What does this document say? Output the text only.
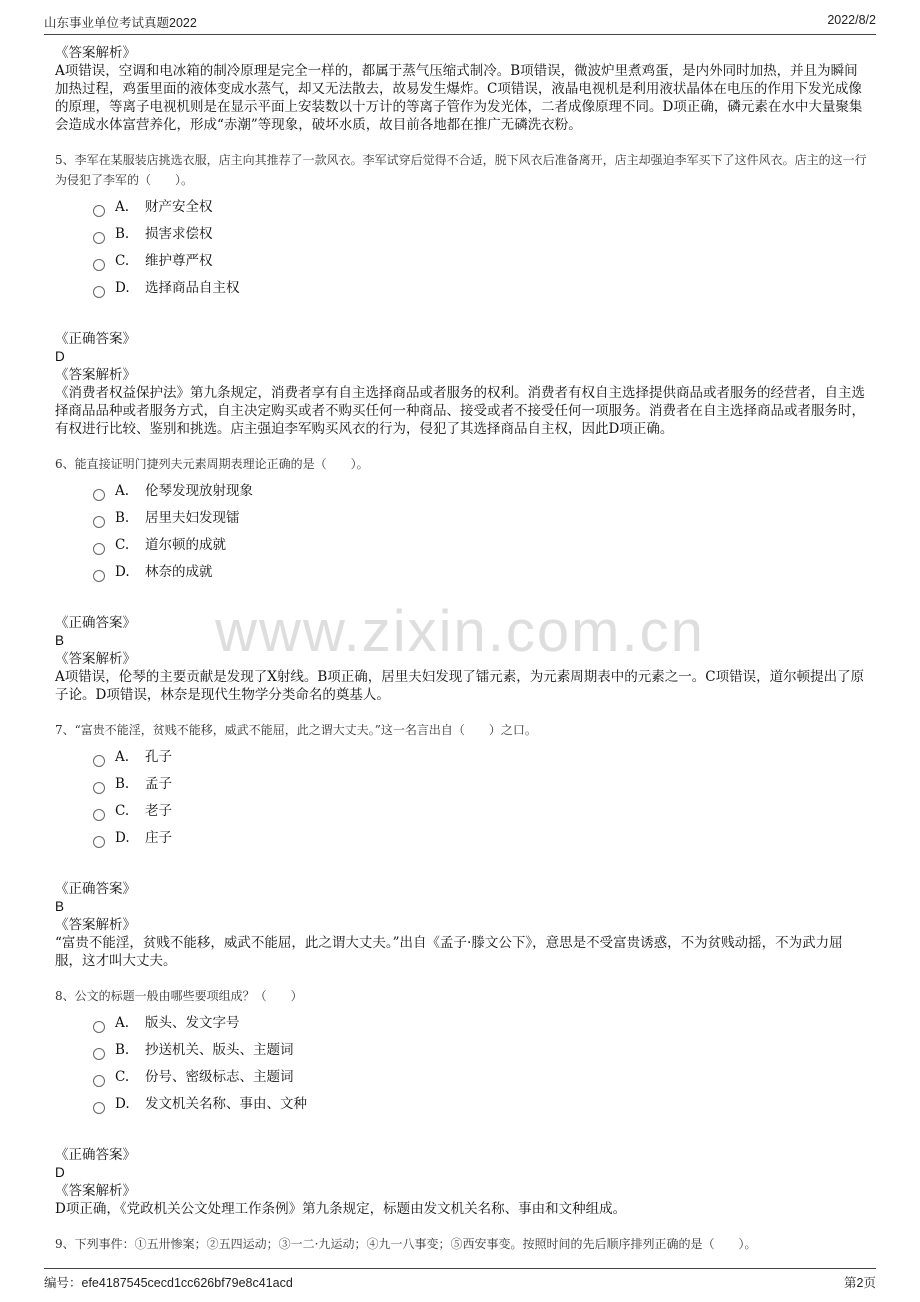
山东事业单位考试真题2022	2022/8/2
www.zixin.com.cn
《答案解析》
A项错误，空调和电冰箱的制冷原理是完全一样的，都属于蒸气压缩式制冷。B项错误，微波炉里煮鸡蛋，是内外同时加热，并且为瞬间加热过程，鸡蛋里面的液体变成水蒸气，却又无法散去，故易发生爆炸。C项错误，液晶电视机是利用液状晶体在电压的作用下发光成像的原理，等离子电视机则是在显示平面上安装数以十万计的等离子管作为发光体，二者成像原理不同。D项正确，磷元素在水中大量聚集会造成水体富营养化，形成“赤潮”等现象，破坏水质，故目前各地都在推广无磷洗衣粉。
5、李军在某服装店挑选衣服，店主向其推荐了一款风衣。李军试穿后觉得不合适，脱下风衣后准备离开，店主却强迫李军买下了这件风衣。店主的这一行为侵犯了李军的（　　）。
A.	财产安全权
B.	损害求偿权
C.	维护尊严权
D.	选择商品自主权
《正确答案》
D
《答案解析》
《消费者权益保护法》第九条规定，消费者享有自主选择商品或者服务的权利。消费者有权自主选择提供商品或者服务的经营者，自主选择商品品种或者服务方式，自主决定购买或者不购买任何一种商品、接受或者不接受任何一项服务。消费者在自主选择商品或者服务时，有权进行比较、鉴别和挑选。店主强迫李军购买风衣的行为，侵犯了其选择商品自主权，因此D项正确。
6、能直接证明门捷列夫元素周期表理论正确的是（　　）。
A.	伦琴发现放射现象
B.	居里夫妇发现镭
C.	道尔顿的成就
D.	林奈的成就
《正确答案》
B
《答案解析》
A项错误，伦琴的主要贡献是发现了X射线。B项正确，居里夫妇发现了镭元素，为元素周期表中的元素之一。C项错误，道尔顿提出了原子论。D项错误，林奈是现代生物学分类命名的奠基人。
7、“富贵不能淫，贫贱不能移，威武不能屈，此之谓大丈夫。”这一名言出自（　　）之口。
A.	孔子
B.	孟子
C.	老子
D.	庄子
《正确答案》
B
《答案解析》
“富贵不能淫，贫贱不能移，威武不能屈，此之谓大丈夫。”出自《孟子·滕文公下》，意思是不受富贵诱惑，不为贫贱动摇，不为武力屈服，这才叫大丈夫。
8、公文的标题一般由哪些要项组成？（　　）
A.	版头、发文字号
B.	抄送机关、版头、主题词
C.	份号、密级标志、主题词
D.	发文机关名称、事由、文种
《正确答案》
D
《答案解析》
D项正确，《党政机关公文处理工作条例》第九条规定，标题由发文机关名称、事由和文种组成。
9、下列事件：①五卅惨案；②五四运动；③一二·九运动；④九一八事变；⑤西安事变。按照时间的先后顺序排列正确的是（　　）。
编号：efe4187545cecd1cc626bf79e8c41acd	第2页
